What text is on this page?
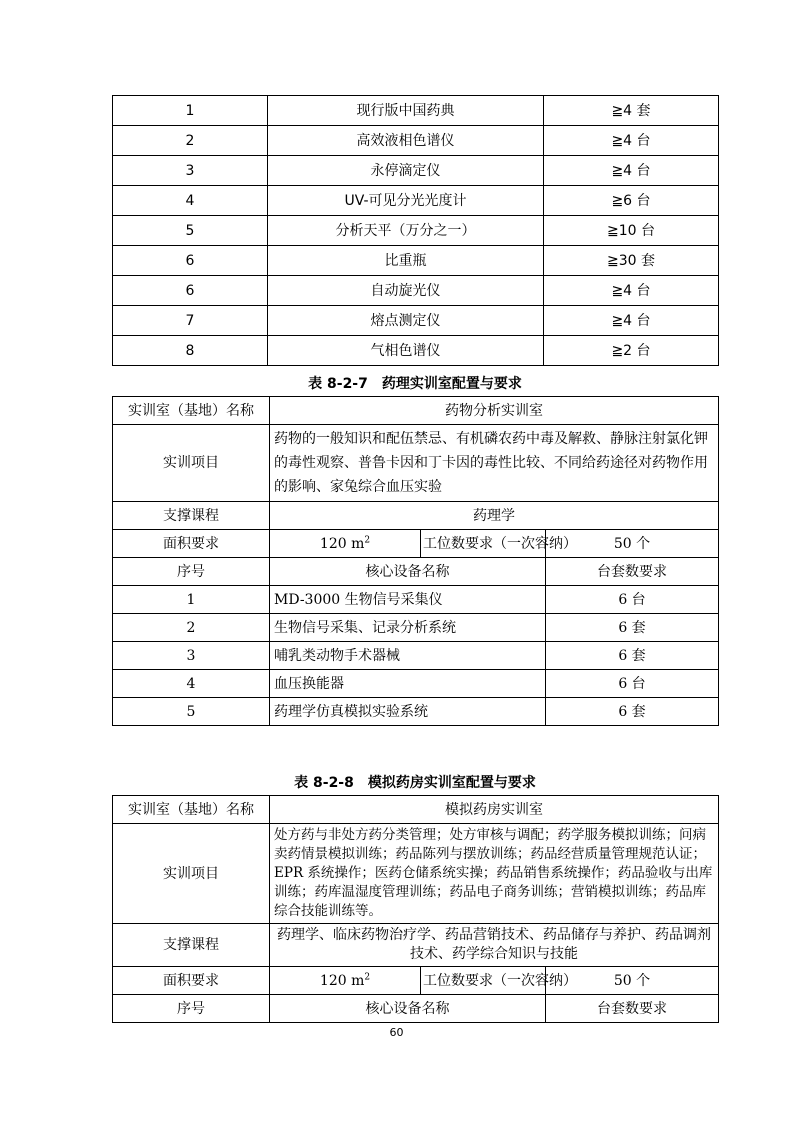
1	现行版中国药典	≧4 套
2	高效液相色谱仪	≧4 台
3	永停滴定仪	≧4 台
4	UV-可见分光光度计	≧6 台
5	分析天平（万分之一）	≧10 台
6	比重瓶	≧30 套
6	自动旋光仪	≧4 台
7	熔点测定仪	≧4 台
8	气相色谱仪	≧2 台
表 8-2-7　药理实训室配置与要求
实训室（基地）名称	药物分析实训室		
实训项目	药物的一般知识和配伍禁忌、有机磷农药中毒及解救、静脉注射氯化钾的毒性观察、普鲁卡因和丁卡因的毒性比较、不同给药途径对药物作用的影响、家兔综合血压实验		
支撑课程	药理学		
面积要求	120 $m^2$	工位数要求（一次容纳）	50 个
序号	核心设备名称	台套数要求
1	MD-3000 生物信号采集仪	6 台
2	生物信号采集、记录分析系统	6 套
3	哺乳类动物手术器械	6 套
4	血压换能器	6 台
5	药理学仿真模拟实验系统	6 套
表 8-2-8　模拟药房实训室配置与要求
实训室（基地）名称	模拟药房实训室		
实训项目	处方药与非处方药分类管理；处方审核与调配；药学服务模拟训练；问病卖药情景模拟训练；药品陈列与摆放训练；药品经营质量管理规范认证；EPR 系统操作；医药仓储系统实操；药品销售系统操作；药品验收与出库训练；药库温湿度管理训练；药品电子商务训练；营销模拟训练；药品库综合技能训练等。		
支撑课程	药理学、临床药物治疗学、药品营销技术、药品储存与养护、药品调剂技术、药学综合知识与技能		
面积要求	120 $m^2$	工位数要求（一次容纳）	50 个
序号	核心设备名称	台套数要求
60
